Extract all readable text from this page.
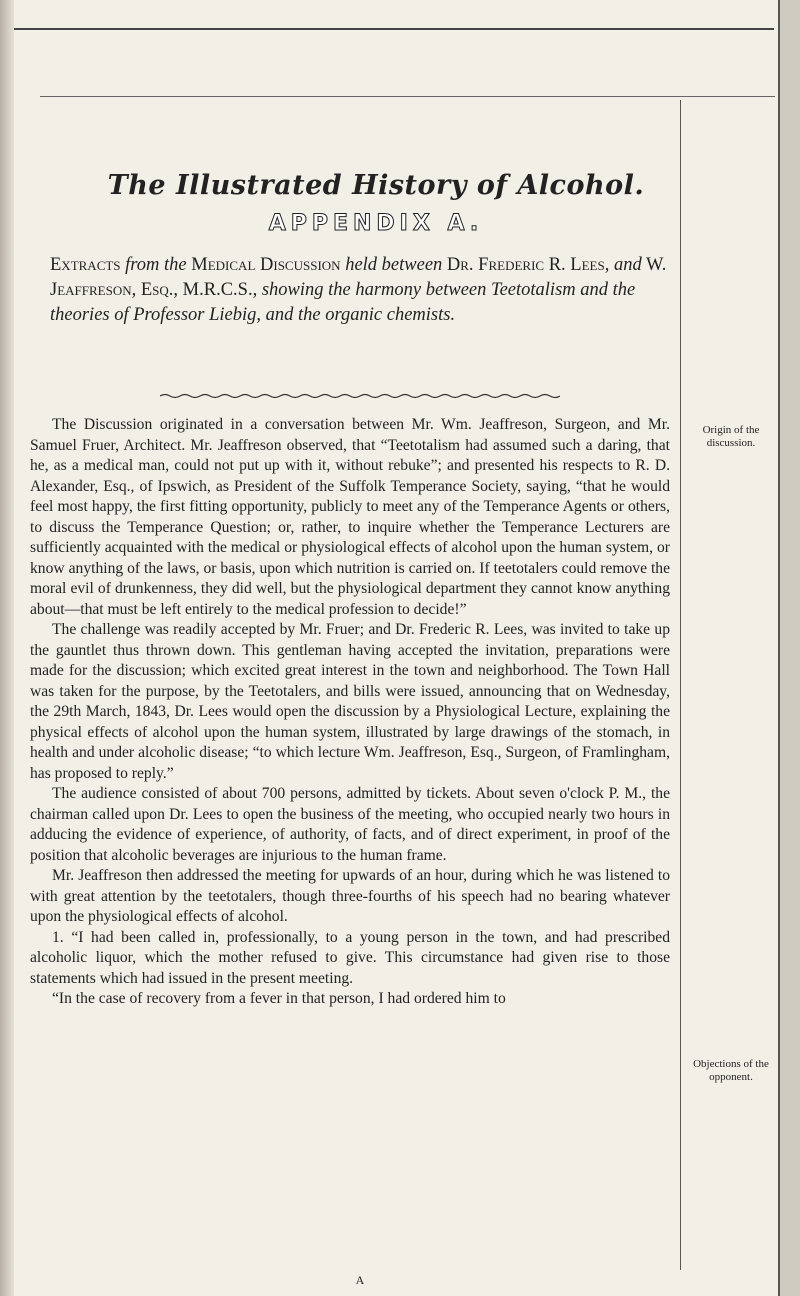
The Illustrated History of Alcohol.
APPENDIX A.
Extracts from the Medical Discussion held between Dr. Frederic R. Lees, and W. Jeaffreson, Esq., M.R.C.S., showing the harmony between Teetotalism and the theories of Professor Liebig, and the organic chemists.

The Discussion originated in a conversation between Mr. Wm. Jeaffreson, Surgeon, and Mr. Samuel Fruer, Architect. Mr. Jeaffreson observed, that “Teetotalism had assumed such a daring, that he, as a medical man, could not put up with it, without rebuke”; and presented his respects to R. D. Alexander, Esq., of Ipswich, as President of the Suffolk Temperance Society, saying, “that he would feel most happy, the first fitting opportunity, publicly to meet any of the Temperance Agents or others, to discuss the Temperance Question; or, rather, to inquire whether the Temperance Lecturers are sufficiently acquainted with the medical or physiological effects of alcohol upon the human system, or know anything of the laws, or basis, upon which nutrition is carried on. If teetotalers could remove the moral evil of drunkenness, they did well, but the physiological department they cannot know anything about—that must be left entirely to the medical profession to decide!”

The challenge was readily accepted by Mr. Fruer; and Dr. Frederic R. Lees, was invited to take up the gauntlet thus thrown down. This gentleman having accepted the invitation, preparations were made for the discussion; which excited great interest in the town and neighborhood. The Town Hall was taken for the purpose, by the Teetotalers, and bills were issued, announcing that on Wednesday, the 29th March, 1843, Dr. Lees would open the discussion by a Physiological Lecture, explaining the physical effects of alcohol upon the human system, illustrated by large drawings of the stomach, in health and under alcoholic disease; “to which lecture Wm. Jeaffreson, Esq., Surgeon, of Framlingham, has proposed to reply.”

The audience consisted of about 700 persons, admitted by tickets. About seven o'clock P. M., the chairman called upon Dr. Lees to open the business of the meeting, who occupied nearly two hours in adducing the evidence of experience, of authority, of facts, and of direct experiment, in proof of the position that alcoholic beverages are injurious to the human frame.

Mr. Jeaffreson then addressed the meeting for upwards of an hour, during which he was listened to with great attention by the teetotalers, though three-fourths of his speech had no bearing whatever upon the physiological effects of alcohol.

1. “I had been called in, professionally, to a young person in the town, and had prescribed alcoholic liquor, which the mother refused to give. This circumstance had given rise to those statements which had issued in the present meeting.

“In the case of recovery from a fever in that person, I had ordered him to

Origin of the discussion.
Objections of the opponent.
A
